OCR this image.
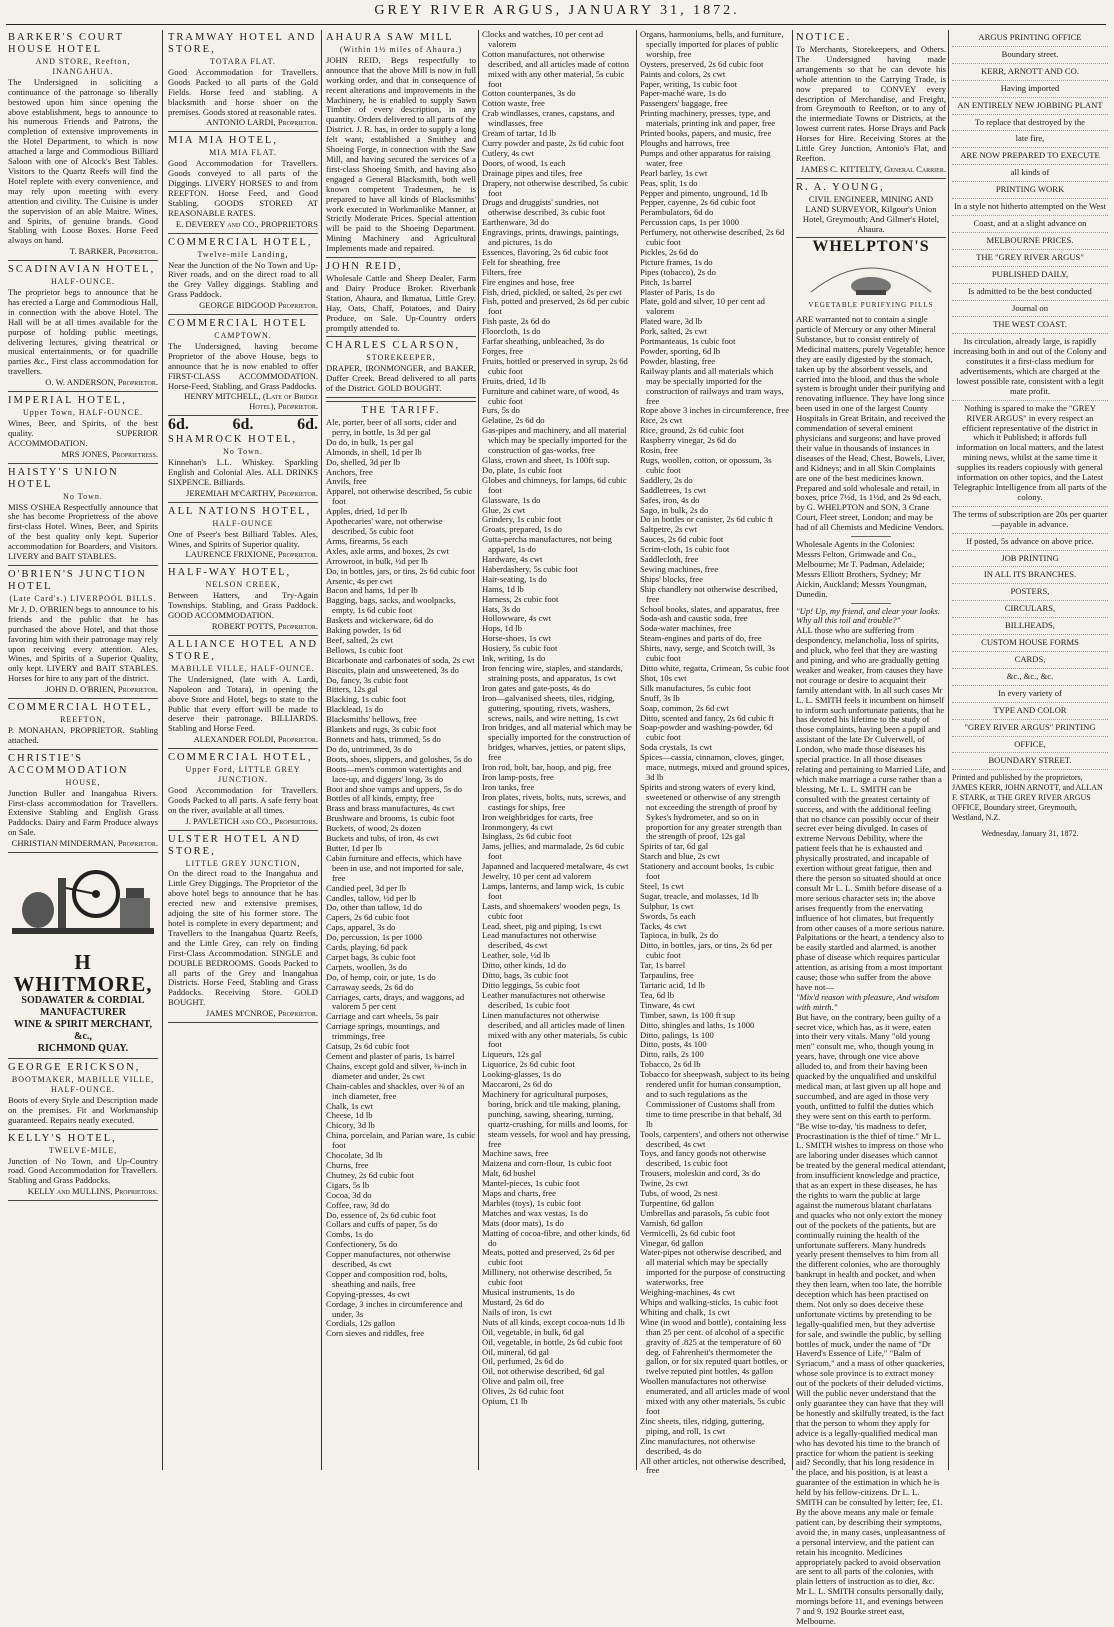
GREY RIVER ARGUS, JANUARY 31, 1872.
BARKER'S COURT HOUSE HOTEL
AND STORE, Reefton, INANGAHUA.
The Undersigned in soliciting a continuance of the patronage so liberally bestowed upon him since opening the above establishment, begs to announce to his numerous Friends and Patrons, the completion of extensive improvements in the Hotel Department, to which is now attached a large and Commodious Billiard Saloon with one of Alcock's Best Tables. Visitors to the Quartz Reefs will find the Hotel replete with every convenience, and may rely upon meeting with every attention and civility. The Cuisine is under the supervision of an able Maitre. Wines, and Spirits, of genuine brands. Good Stabling with Loose Boxes. Horse Feed always on hand.
T. BARKER, Proprietor.
SCADINAVIAN HOTEL,
HALF-OUNCE.
The proprietor begs to announce that he has erected a Large and Commodious Hall, in connection with the above Hotel. The Hall will be at all times available for the purpose of holding public meetings, delivering lectures, giving theatrical or musical entertainments, or for quadrille parties &c., First class accommodation for travellers.
O. W. ANDERSON, Proprietor.
IMPERIAL HOTEL,
Upper Town, HALF-OUNCE.
Wines, Beer, and Spirits, of the best quality. SUPERIOR ACCOMMODATION.
MRS JONES, Proprietress.
HAISTY'S UNION HOTEL
No Town.
MISS O'SHEA Respectfully announce that she has become Proprietress of the above first-class Hotel. Wines, Beer, and Spirits of the best quality only kept. Superior accommodation for Boarders, and Visitors. LIVERY and BAIT STABLES.
O'BRIEN'S JUNCTION HOTEL
(Late Card's.) LIVERPOOL BILLS.
Mr J. D. O'BRIEN begs to announce to his friends and the public that he has purchased the above Hotel, and that those favoring him with their patronage may rely upon receiving every attention. Ales, Wines, and Spirits of a Superior Quality, only kept. LIVERY and BAIT STABLES. Horses for hire to any part of the district.
JOHN D. O'BRIEN, Proprietor.
COMMERCIAL HOTEL,
REEFTON,
P. MONAHAN, PROPRIETOR. Stabling attached.
CHRISTIE'S ACCOMMODATION
HOUSE,
Junction Buller and Inangahua Rivers. First-class accommodation for Travellers. Extensive Stabling and English Grass Paddocks. Dairy and Farm Produce always on Sale.
CHRISTIAN MINDERMAN, Proprietor.
H WHITMORE,
SODAWATER & CORDIAL MANUFACTURER
WINE & SPIRIT MERCHANT, &c.,
RICHMOND QUAY.
GEORGE ERICKSON,
BOOTMAKER, MABILLE VILLE, HALF-OUNCE.
Boots of every Style and Description made on the premises. Fit and Workmanship guaranteed. Repairs neatly executed.
KELLY'S HOTEL,
TWELVE-MILE,
Junction of No Town, and Up-Country road. Good Accommodation for Travellers. Stabling and Grass Paddocks.
KELLY and MULLINS, Proprietors.
TRAMWAY HOTEL AND STORE,
TOTARA FLAT.
Good Accommodation for Travellers. Goods Packed to all parts of the Gold Fields. Horse feed and stabling. A blacksmith and horse shoer on the premises. Goods stored at reasonable rates.
ANTONIO LARDI, Proprietor.
MIA MIA HOTEL,
MIA MIA FLAT.
Good Accommodation for Travellers. Goods conveyed to all parts of the Diggings. LIVERY HORSES to and from REEFTON. Horse Feed, and Good Stabling. GOODS STORED AT REASONABLE RATES.
E. DEVEREY and CO., PROPRIETORS
COMMERCIAL HOTEL,
Twelve-mile Landing,
Near the Junction of the No Town and Up-River roads, and on the direct road to all the Grey Valley diggings. Stabling and Grass Paddock.
GEORGE BIDGOOD Proprietor.
COMMERCIAL HOTEL
CAMPTOWN.
The Undersigned, having become Proprietor of the above House, begs to announce that he is now enabled to offer FIRST-CLASS ACCOMMODATION. Horse-Feed, Stabling, and Grass Paddocks.
HENRY MITCHELL, (Late of Bridge Hotel), Proprietor.
6d.	6d.	6d.
SHAMROCK HOTEL,
No Town.
Kinnehan's L.L. Whiskey. Sparkling English and Colonial Ales. ALL DRINKS SIXPENCE. Billiards.
JEREMIAH M'CARTHY, Proprietor.
ALL NATIONS HOTEL,
HALF-OUNCE
One of Pseer's best Billiard Tables. Ales, Wines, and Spirits of Superior quality.
LAURENCE FRIXIONE, Proprietor.
HALF-WAY HOTEL,
NELSON CREEK,
Between Hatters, and Try-Again Townships. Stabling, and Grass Paddock. GOOD ACCOMMODATION.
ROBERT POTTS, Proprietor.
ALLIANCE HOTEL AND STORE,
MABILLE VILLE, HALF-OUNCE.
The Undersigned, (late with A. Lardi, Napoleon and Totara), in opening the above Store and Hotel, begs to state to the Public that every effort will be made to deserve their patronage. BILLIARDS. Stabling and Horse Feed.
ALEXANDER FOLDI, Proprietor.
COMMERCIAL HOTEL,
Upper Ford, LITTLE GREY JUNCTION.
Good Accommodation for Travellers. Goods Packed to all parts. A safe ferry boat on the river, available at all times.
J. PAVLETICH and CO., Proprietors.
ULSTER HOTEL AND STORE,
LITTLE GREY JUNCTION,
On the direct road to the Inangahua and Little Grey Diggings. The Proprietor of the above hotel begs to announce that he has erected new and extensive premises, adjoing the site of his former store. The hotel is complete in every department; and Travellers to the Inangahua Quartz Reefs, and the Little Grey, can rely on finding First-Class Accommodation. SINGLE and DOUBLE BEDROOMS. Goods Packed to all parts of the Grey and Inangahua Districts. Horse Feed, Stabling and Grass Paddocks. Receiving Store. GOLD BOUGHT.
JAMES M'CNROE, Proprietor.
AHAURA SAW MILL
(Within 1½ miles of Ahaura.)
JOHN REID, Begs respectfully to announce that the above Mill is now in full working order, and that in consequence of recent alterations and improvements in the Machinery, he is enabled to supply Sawn Timber of every description, in any quantity. Orders delivered to all parts of the District. J. R. has, in order to supply a long felt want, established a Smithey and Shoeing Forge, in connection with the Saw Mill, and having secured the services of a first-class Shoeing Smith, and having also engaged a General Blacksmith, both well known competent Tradesmen, he is prepared to have all kinds of Blacksmiths' work executed in Workmanlike Manner, at Strictly Moderate Prices. Special attention will be paid to the Shoeing Department. Mining Machinery and Agricultural Implements made and repaired.
JOHN REID,
Wholesale Cattle and Sheep Dealer, Farm and Dairy Produce Broker. Riverbank Station, Ahaura, and Ikmatua, Little Grey. Hay, Oats, Chaff, Potatoes, and Dairy Produce, on Sale. Up-Country orders promptly attended to.
CHARLES CLARSON,
STOREKEEPER,
DRAPER, IRONMONGER, and BAKER, Duffer Creek. Bread delivered to all parts of the District. GOLD BOUGHT.
THE TARIFF.

Ale, porter, beer of all sorts, cider and perry, in bottle, 1s 3d per gal

Do do, in bulk, 1s per gal

Almonds, in shell, 1d per lb

Do, shelled, 3d per lb

Anchors, free

Anvils, free

Apparel, not otherwise described, 5s cubic foot

Apples, dried, 1d per lb

Apothecaries' ware, not otherwise described, 5s cubic foot

Arms, firearms, 5s each

Axles, axle arms, and boxes, 2s cwt

Arrowroot, in bulk, ½d per lb

Do, in bottles, jars, or tins, 2s 6d cubic foot

Arsenic, 4s per cwt

Bacon and hams, 1d per lb

Bagging, bags, sacks, and woolpacks, empty, 1s 6d cubic foot

Baskets and wickerware, 6d do

Baking powder, 1s 6d

Beef, salted, 2s cwt

Bellows, 1s cubic foot

Bicarbonate and carbonates of soda, 2s cwt

Biscuits, plain and unsweetened, 3s do

Do, fancy, 3s cubic foot

Bitters, 12s gal

Blacking, 1s cubic foot

Blacklead, 1s do

Blacksmiths' bellows, free

Blankets and rugs, 3s cubic foot

Bonnets and hats, trimmed, 5s do

Do do, untrimmed, 3s do

Boots, shoes, slippers, and goloshes, 5s do

Boots—men's common watertights and lace-up, and diggers' long, 3s do

Boot and shoe vamps and uppers, 5s do

Bottles of all kinds, empty, free

Brass and brass manufactures, 4s cwt

Brushware and brooms, 1s cubic foot

Buckets, of wood, 2s dozen

Buckets and tubs, of iron, 4s cwt

Butter, 1d per lb

Cabin furniture and effects, which have been in use, and not imported for sale, free

Candied peel, 3d per lb

Candles, tallow, ½d per lb

Do, other than tallow, 1d do

Capers, 2s 6d cubic foot

Caps, apparel, 3s do

Do, percussion, 1s per 1000

Cards, playing, 6d pack

Carpet bags, 3s cubic foot

Carpets, woollen, 3s do

Do, of hemp, coir, or jute, 1s do

Carraway seeds, 2s 6d do

Carriages, carts, drays, and waggons, ad valorem 5 per cent

Carriage and cart wheels, 5s pair

Carriage springs, mountings, and trimmings, free

Catsup, 2s 6d cubic foot

Cement and plaster of paris, 1s barrel

Chains, except gold and silver, ⅜-inch in diameter and under, 2s cwt

Chain-cables and shackles, over ⅜ of an inch diameter, free

Chalk, 1s cwt

Cheese, 1d lb

Chicory, 3d lb

China, porcelain, and Parian ware, 1s cubic foot

Chocolate, 3d lb

Churns, free

Chutney, 2s 6d cubic foot

Cigars, 5s lb

Cocoa, 3d do

Coffee, raw, 3d do

Do, essence of, 2s 6d cubic foot

Collars and cuffs of paper, 5s do

Combs, 1s do

Confectionery, 5s do

Copper manufactures, not otherwise described, 4s cwt

Copper and composition rod, bolts, sheathing and nails, free

Copying-presses, 4s cwt

Cordage, 3 inches in circumference and under, 3s

Cordials, 12s gallon

Corn sieves and riddles, free

Clocks and watches, 10 per cent ad valorem

Cotton manufactures, not otherwise described, and all articles made of cotton mixed with any other material, 5s cubic foot

Cotton counterpanes, 3s do

Cotton waste, free

Crab windlasses, cranes, capstans, and windlasses, free

Cream of tartar, 1d lb

Curry powder and paste, 2s 6d cubic foot

Cutlery, 4s cwt

Doors, of wood, 1s each

Drainage pipes and tiles, free

Drapery, not otherwise described, 5s cubic foot

Drugs and druggists' sundries, not otherwise described, 3s cubic foot

Earthenware, 3d do

Engravings, prints, drawings, paintings, and pictures, 1s do

Essences, flavoring, 2s 6d cubic foot

Felt for sheathing, free

Filters, free

Fire engines and hose, free

Fish, dried, pickled, or salted, 2s per cwt

Fish, potted and preserved, 2s 6d per cubic foot

Fish paste, 2s 6d do

Floorcloth, 1s do

Farfar sheathing, unbleached, 3s do

Forges, free

Fruits, bottled or preserved in syrup, 2s 6d cubic foot

Fruits, dried, 1d lb

Furniture and cabinet ware, of wood, 4s cubic foot

Furs, 5s do

Gelatine, 2s 6d do

Gas-pipes and machinery, and all material which may be specially imported for the construction of gas-works, free

Glass, crown and sheet, 1s 100ft sup.

Do, plate, 1s cubic foot

Globes and chimneys, for lamps, 6d cubic foot

Glassware, 1s do

Glue, 2s cwt

Grindery, 1s cubic foot

Groats, prepared, 1s do

Gutta-percha manufactures, not being apparel, 1s do

Hardware, 4s cwt

Haberdashery, 5s cubic foot

Hair-seating, 1s do

Hams, 1d lb

Harness, 2s cubic foot

Hats, 3s do

Hollowware, 4s cwt

Hops, 1d lb

Horse-shoes, 1s cwt

Hosiery, 5s cubic foot

Ink, writing, 1s do

Iron fencing wire, staples, and standards, straining posts, and apparatus, 1s cwt

Iron gates and gate-posts, 4s do

Iron—galvanised sheets, tiles, ridging, guttering, spouting, rivets, washers, screws, nails, and wire netting, 1s cwt

Iron bridges, and all material which may be specially imported for the construction of bridges, wharves, jetties, or patent slips, free

Iron rod, bolt, bar, hoop, and pig, free

Iron lamp-posts, free

Iron tanks, free

Iron plates, rivets, bolts, nuts, screws, and castings for ships, free

Iron weighbridges for carts, free

Ironmongery, 4s cwt

Isinglass, 2s 6d cubic foot

Jams, jellies, and marmalade, 2s 6d cubic foot

Japanned and lacquered metalware, 4s cwt

Jewelry, 10 per cent ad valorem

Lamps, lanterns, and lamp wick, 1s cubic foot

Lasts, and shoemakers' wooden pegs, 1s cubic foot

Lead, sheet, pig and piping, 1s cwt

Lead manufactures not otherwise described, 4s cwt

Leather, sole, ½d lb

Ditto, other kinds, 1d do

Ditto, bags, 3s cubic foot

Ditto leggings, 5s cubic foot

Leather manufactures not otherwise described, 1s cubic foot

Linen manufactures not otherwise described, and all articles made of linen mixed with any other materials, 5s cubic foot

Liqueurs, 12s gal

Liquorice, 2s 6d cubic foot

Looking-glasses, 1s do

Maccaroni, 2s 6d do

Machinery for agricultural purposes, boring, brick and tile making, planing, punching, sawing, shearing, turning, quartz-crushing, for mills and looms, for steam vessels, for wool and hay pressing, free

Machine saws, free

Maizena and corn-flour, 1s cubic foot

Malt, 6d bushel

Mantel-pieces, 1s cubic foot

Maps and charts, free

Marbles (toys), 1s cubic foot

Matches and wax vestas, 1s do

Mats (door mats), 1s do

Matting of cocoa-fibre, and other kinds, 6d do

Meats, potted and preserved, 2s 6d per cubic foot

Millinery, not otherwise described, 5s cubic foot

Musical instruments, 1s do

Mustard, 2s 6d do

Nails of iron, 1s cwt

Nuts of all kinds, except cocoa-nuts 1d lb

Oil, vegetable, in bulk, 6d gal

Oil, vegetable, in bottle, 2s 6d cubic foot

Oil, mineral, 6d gal

Oil, perfumed, 2s 6d do

Oil, not otherwise described, 6d gal

Olive and palm oil, free

Olives, 2s 6d cubic foot

Opium, £1 lb

Organs, harmoniums, bells, and furniture, specially imported for places of public worship, free

Oysters, preserved, 2s 6d cubic foot

Paints and colors, 2s cwt

Paper, writing, 1s cubic foot

Paper-maché ware, 1s do

Passengers' baggage, free

Printing machinery, presses, type, and materials, printing ink and paper, free

Printed books, papers, and music, free

Ploughs and harrows, free

Pumps and other apparatus for raising water, free

Pearl barley, 1s cwt

Peas, split, 1s do

Pepper and pimento, unground, 1d lb

Pepper, cayenne, 2s 6d cubic foot

Perambulators, 6d do

Percussion caps, 1s per 1000

Perfumery, not otherwise described, 2s 6d cubic foot

Pickles, 2s 6d do

Picture frames, 1s do

Pipes (tobacco), 2s do

Pitch, 1s barrel

Plaster of Paris, 1s do

Plate, gold and silver, 10 per cent ad valorem

Plated ware, 3d lb

Pork, salted, 2s cwt

Portmanteaus, 1s cubic foot

Powder, sporting, 6d lb

Powder, blasting, free

Railway plants and all materials which may be specially imported for the construction of railways and tram ways, free

Rope above 3 inches in circumference, free

Rice, 2s cwt

Rice, ground, 2s 6d cubic foot

Raspberry vinegar, 2s 6d do

Rosin, free

Rugs, woollen, cotton, or opossum, 3s cubic foot

Saddlery, 2s do

Saddletrees, 1s cwt

Safes, iron, 4s do

Sago, in bulk, 2s do

Do in bottles or canister, 2s 6d cubic ft

Saltpetre, 2s cwt

Sauces, 2s 6d cubic foot

Scrim-cloth, 1s cubic foot

Saddlecloth, free

Sewing machines, free

Ships' blocks, free

Ship chandlery not otherwise described, free

School books, slates, and apparatus, free

Soda-ash and caustic soda, free

Soda-water machines, free

Steam-engines and parts of do, free

Shirts, navy, serge, and Scotch twill, 3s cubic foot

Ditto white, regatta, Crimean, 5s cubic foot

Shot, 10s cwt

Silk manufactures, 5s cubic foot

Snuff, 3s lb

Soap, common, 2s 6d cwt

Ditto, scented and fancy, 2s 6d cubic ft

Soap-powder and washing-powder, 6d cubic foot

Soda crystals, 1s cwt

Spices—cassia, cinnamon, cloves, ginger, mace, nutmegs, mixed and ground spices, 3d lb

Spirits and strong waters of every kind, sweetened or otherwise of any strength not exceeding the strength of proof by Sykes's hydrometer, and so on in proportion for any greater strength than the strength of proof, 12s gal

Spirits of tar, 6d gal

Starch and blue, 2s cwt

Stationery and account books, 1s cubic foot

Steel, 1s cwt

Sugar, treacle, and molasses, 1d lb

Sulphur, 1s cwt

Swords, 5s each

Tacks, 4s cwt

Tapioca, in bulk, 2s do

Ditto, in bottles, jars, or tins, 2s 6d per cubic foot

Tar, 1s barrel

Tarpaulins, free

Tartaric acid, 1d lb

Tea, 6d lb

Tinware, 4s cwt

Timber, sawn, 1s 100 ft sup

Ditto, shingles and laths, 1s 1000

Ditto, palings, 1s 100

Ditto, posts, 4s 100

Ditto, rails, 2s 100

Tobacco, 2s 6d lb

Tobacco for sheepwash, subject to its being rendered unfit for human consumption, and to such regulations as the Commissioner of Customs shall from time to time prescribe in that behalf, 3d lb

Tools, carpenters', and others not otherwise described, 4s cwt

Toys, and fancy goods not otherwise described, 1s cubic foot

Trousers, moleskin and cord, 3s do

Twine, 2s cwt

Tubs, of wood, 2s nest

Turpentine, 6d gallon

Umbrellas and parasols, 5s cubic foot

Varnish, 6d gallon

Vermicelli, 2s 6d cubic foot

Vinegar, 6d gallon

Water-pipes not otherwise described, and all material which may be specially imported for the purpose of constructing waterworks, free

Weighing-machines, 4s cwt

Whips and walking-sticks, 1s cubic foot

Whiting and chalk, 1s cwt

Wine (in wood and bottle), containing less than 25 per cent. of alcohol of a specific gravity of .825 at the temperature of 60 deg. of Fahrenheit's thermometer the gallon, or for six reputed quart bottles, or twelve reputed pint bottles, 4s gallon

Woollen manufactures not otherwise enumerated, and all articles made of wool mixed with any other materials, 5s cubic foot

Zinc sheets, tiles, ridging, guttering, piping, and roll, 1s cwt

Zinc manufactures, not otherwise described, 4s do

All other articles, not otherwise described, free

NOTICE.
To Merchants, Storekeepers, and Others. The Undersigned having made arrangements so that he can devote his whole attention to the Carrying Trade, is now prepared to CONVEY every description of Merchandise, and Freight, from Greymouth to Reefton, or to any of the intermediate Towns or Districts, at the lowest current rates. Horse Drays and Pack Horses for Hire. Receiving Stores at the Little Grey Junction, Antonio's Flat, and Reefton.
JAMES C. KITTELTY, General Carrier.
R. A. YOUNG,
CIVIL ENGINEER, MINING AND LAND SURVEYOR, Kilgour's Union Hotel, Greymouth; And Gilmer's Hotel, Ahaura.
WHELPTON'S
VEGETABLE PURIFYING PILLS
ARE warranted not to contain a single particle of Mercury or any other Mineral Substance, but to consist entirely of Medicinal matters, purely Vegetable; hence they are easily digested by the stomach, taken up by the absorbent vessels, and carried into the blood, and thus the whole system is brought under their purifying and renovating influence. They have long since been used in one of the largest County Hospitals in Great Britain, and received the commendation of several eminent physicians and surgeons; and have proved their value in thousands of instances in diseases of the Head, Chest, Bowels, Liver, and Kidneys; and in all Skin Complaints are one of the best medicines known. Prepared and sold wholesale and retail, in boxes, price 7½d, 1s 1½d, and 2s 9d each, by G. WHELPTON and SON, 3 Crane Court, Fleet street, London; and may be had of all Chemists and Medicine Vendors.
Wholesale Agents in the Colonies:
Messrs Felton, Grimwade and Co., Melbourne; Mr T. Padman, Adelaide; Messrs Elliott Brothers, Sydney; Mr Aickin, Auckland; Messrs Youngman, Dunedin.
"Up! Up, my friend, and clear your looks. Why all this toil and trouble?"
ALL those who are suffering from despondency, melancholia, loss of spirits, and pluck, who feel that they are wasting and pining, and who are gradually getting weaker and weaker, from causes they have not courage or desire to acquaint their family attendant with. In all such cases Mr L. L. SMITH feels it incumbent on himself to inform such unfortunate patients, that he has devoted his lifetime to the study of those complaints, having been a pupil and assistant of the late Dr Culverwell, of London, who made those diseases his special practice. In all those diseases relating and pertaining to Married Life, and which make marriage a curse rather than a blessing, Mr L. L. SMITH can be consulted with the greatest certainty of success, and with the additional feeling that no chance can possibly occur of their secret ever being divulged. In cases of extreme Nervous Debility, where the patient feels that he is exhausted and physically prostrated, and incapable of exertion without great fatigue, then and there the person so situated should at once consult Mr L. L. Smith before disease of a more serious character sets in; the above arises frequently from the enervating influence of hot climates, but frequently from other causes of a more serious nature. Palpitations or the heart, a tendency also to be easily startled and alarmed, is another phase of disease which requires particular attention, as arising from a most important cause; those who suffer from the above have not—
"Mix'd reason with pleasure, And wisdom with mirth."
But have, on the contrary, been guilty of a secret vice, which has, as it were, eaten into their very vitals. Many "old young men" consult me, who, though young in years, have, through one vice above alluded to, and from their having been quacked by the unqualified and unskilful medical man, at last given up all hope and succumbed, and are aged in those very youth, unfitted to fulfil the duties which they were sent on this earth to perform. "Be wise to-day, 'tis madness to defer, Procrastination is the thief of time." Mr L. L. SMITH wishes to impress on those who are laboring under diseases which cannot be treated by the general medical attendant, from insufficient knowledge and practice, that as an expert in these diseases, he has the rights to warn the public at large against the numerous blatant charlatans and quacks who not only extort the money out of the pockets of the patients, but are continually ruining the health of the unfortunate sufferers. Many hundreds yearly present themselves to him from all the different colonies, who are thoroughly bankrupt in health and pocket, and when they then learn, when too late, the horrible deception which has been practised on them. Not only so does deceive these unfortunate victims by pretending to be legally-qualified men, but they advertise for sale, and swindle the public, by selling bottles of muck, under the name of "Dr Haverd's Essence of Life," "Balm of Syriacum," and a mass of other quackeries, whose sole province is to extract money out of the pockets of their deluded victims. Will the public never understand that the only guarantee they can have that they will be honestly and skilfully treated, is the fact that the person to whom they apply for advice is a legally-qualified medical man who has devoted his time to the branch of practice for whom the patient is seeking aid? Secondly, that his long residence in the place, and his position, is at least a guarantee of the estimation in which he is held by his fellow-citizens. Dr L. L. SMITH can be consulted by letter; fee, £1. By the above means any male or female patient can, by describing their symptoms, avoid the, in many cases, unpleasantness of a personal interview, and the patient can retain his incognito. Medicines appropriately packed to avoid observation are sent to all parts of the colonies, with plain letters of instruction as to diet, &c. Mr L. L. SMITH consults personally daily, mornings before 11, and evenings between 7 and 9. 192 Bourke street east, Melbourne.

ARGUS PRINTING OFFICE

Boundary street.

KERR, ARNOTT AND CO.

Having imported

AN ENTIRELY NEW JOBBING PLANT

To replace that destroyed by the

late fire,

ARE NOW PREPARED TO EXECUTE

all kinds of

PRINTING WORK

In a style not hitherto attempted on the West

Coast, and at a slight advance on

MELBOURNE PRICES.

THE "GREY RIVER ARGUS"

PUBLISHED DAILY,

Is admitted to be the best conducted

Journal on

THE WEST COAST.

Its circulation, already large, is rapidly increasing both in and out of the Colony and constitutes it a first-class medium for advertisements, which are charged at the lowest possible rate, consistent with a legit mate profit.

Nothing is spared to make the "GREY RIVER ARGUS" in every respect an efficient representative of the district in which it Published; it affords full information on local matters, and the latest mining news, whilst at the same time it supplies its readers copiously with general information on other topics, and the Latest Telegraphic Intelligence from all parts of the colony.

The terms of subscription are 20s per quarter—payable in advance.

If posted, 5s advance on above price.

JOB PRINTING

IN ALL ITS BRANCHES.

POSTERS,

CIRCULARS,

BILLHEADS,

CUSTOM HOUSE FORMS

CARDS,

&c., &c., &c.

In every variety of

TYPE AND COLOR

"GREY RIVER ARGUS" PRINTING

OFFICE,

BOUNDARY STREET.

Printed and published by the proprietors, JAMES KERR, JOHN ARNOTT, and ALLAN F. STARK, at THE GREY RIVER ARGUS OFFICE, Boundary street, Greymouth, Westland, N.Z.

Wednesday, January 31, 1872.
